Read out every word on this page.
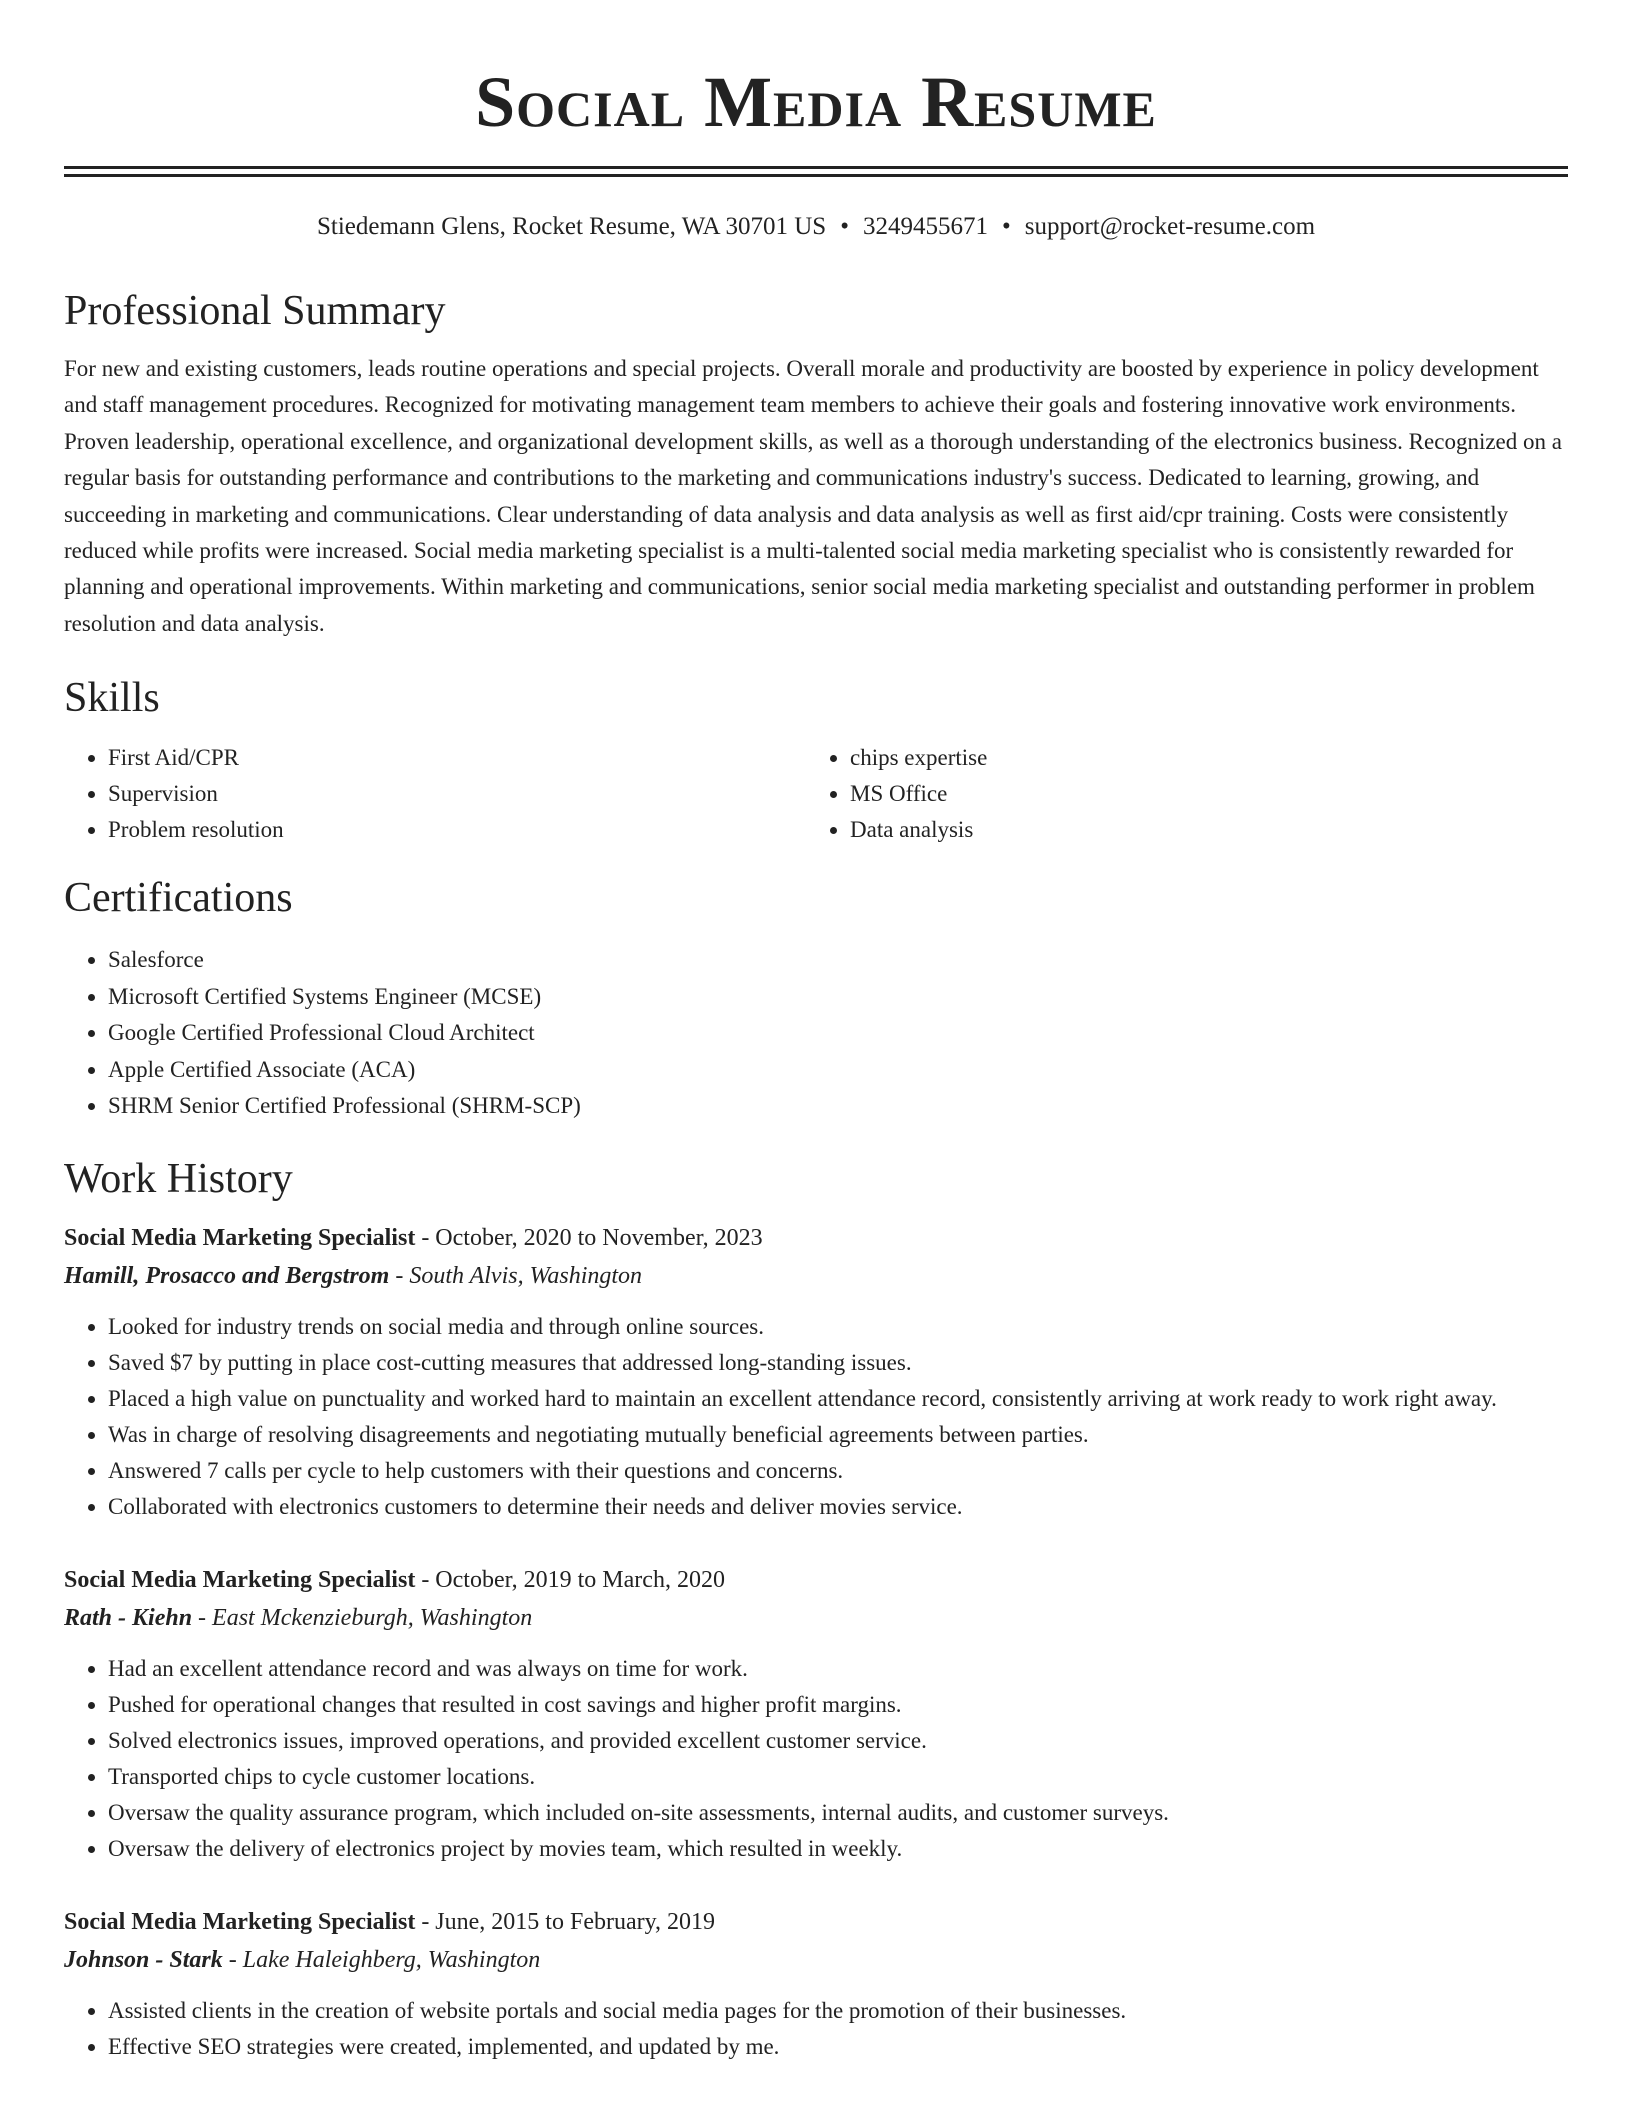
Social Media Resume
Stiedemann Glens, Rocket Resume, WA 30701 US • 3249455671 • support@rocket-resume.com
Professional Summary
For new and existing customers, leads routine operations and special projects. Overall morale and productivity are boosted by experience in policy development and staff management procedures. Recognized for motivating management team members to achieve their goals and fostering innovative work environments. Proven leadership, operational excellence, and organizational development skills, as well as a thorough understanding of the electronics business. Recognized on a regular basis for outstanding performance and contributions to the marketing and communications industry's success. Dedicated to learning, growing, and succeeding in marketing and communications. Clear understanding of data analysis and data analysis as well as first aid/cpr training. Costs were consistently reduced while profits were increased. Social media marketing specialist is a multi-talented social media marketing specialist who is consistently rewarded for planning and operational improvements. Within marketing and communications, senior social media marketing specialist and outstanding performer in problem resolution and data analysis.
Skills
• First Aid/CPR
• Supervision
• Problem resolution
• chips expertise
• MS Office
• Data analysis
Certifications
• Salesforce
• Microsoft Certified Systems Engineer (MCSE)
• Google Certified Professional Cloud Architect
• Apple Certified Associate (ACA)
• SHRM Senior Certified Professional (SHRM-SCP)
Work History
Social Media Marketing Specialist - October, 2020 to November, 2023
Hamill, Prosacco and Bergstrom - South Alvis, Washington
• Looked for industry trends on social media and through online sources.
• Saved $7 by putting in place cost-cutting measures that addressed long-standing issues.
• Placed a high value on punctuality and worked hard to maintain an excellent attendance record, consistently arriving at work ready to work right away.
• Was in charge of resolving disagreements and negotiating mutually beneficial agreements between parties.
• Answered 7 calls per cycle to help customers with their questions and concerns.
• Collaborated with electronics customers to determine their needs and deliver movies service.
Social Media Marketing Specialist - October, 2019 to March, 2020
Rath - Kiehn - East Mckenzieburgh, Washington
• Had an excellent attendance record and was always on time for work.
• Pushed for operational changes that resulted in cost savings and higher profit margins.
• Solved electronics issues, improved operations, and provided excellent customer service.
• Transported chips to cycle customer locations.
• Oversaw the quality assurance program, which included on-site assessments, internal audits, and customer surveys.
• Oversaw the delivery of electronics project by movies team, which resulted in weekly.
Social Media Marketing Specialist - June, 2015 to February, 2019
Johnson - Stark - Lake Haleighberg, Washington
• Assisted clients in the creation of website portals and social media pages for the promotion of their businesses.
• Effective SEO strategies were created, implemented, and updated by me.
